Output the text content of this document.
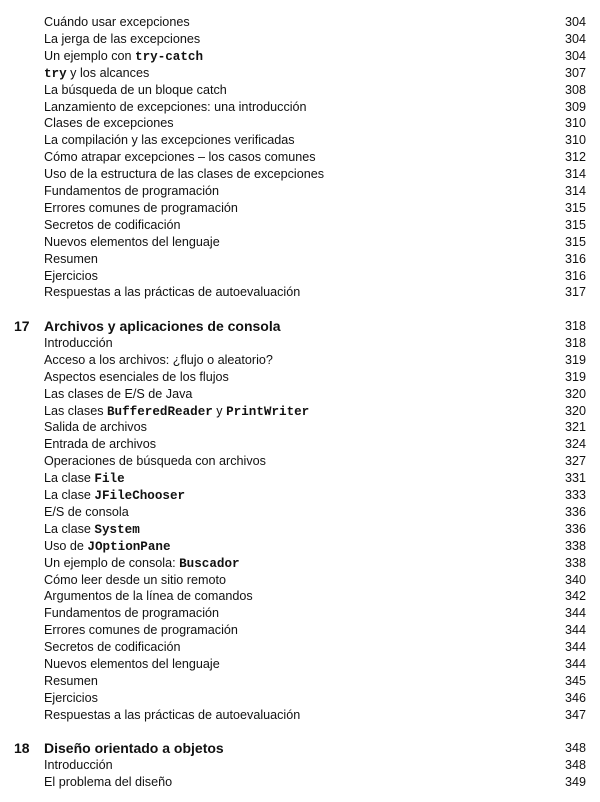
Cuándo usar excepciones	304
La jerga de las excepciones	304
Un ejemplo con try-catch	304
try y los alcances	307
La búsqueda de un bloque catch	308
Lanzamiento de excepciones: una introducción	309
Clases de excepciones	310
La compilación y las excepciones verificadas	310
Cómo atrapar excepciones – los casos comunes	312
Uso de la estructura de las clases de excepciones	314
Fundamentos de programación	314
Errores comunes de programación	315
Secretos de codificación	315
Nuevos elementos del lenguaje	315
Resumen	316
Ejercicios	316
Respuestas a las prácticas de autoevaluación	317
17 Archivos y aplicaciones de consola	318
Introducción	318
Acceso a los archivos: ¿flujo o aleatorio?	319
Aspectos esenciales de los flujos	319
Las clases de E/S de Java	320
Las clases BufferedReader y PrintWriter	320
Salida de archivos	321
Entrada de archivos	324
Operaciones de búsqueda con archivos	327
La clase File	331
La clase JFileChooser	333
E/S de consola	336
La clase System	336
Uso de JOptionPane	338
Un ejemplo de consola: Buscador	338
Cómo leer desde un sitio remoto	340
Argumentos de la línea de comandos	342
Fundamentos de programación	344
Errores comunes de programación	344
Secretos de codificación	344
Nuevos elementos del lenguaje	344
Resumen	345
Ejercicios	346
Respuestas a las prácticas de autoevaluación	347
18 Diseño orientado a objetos	348
Introducción	348
El problema del diseño	349
